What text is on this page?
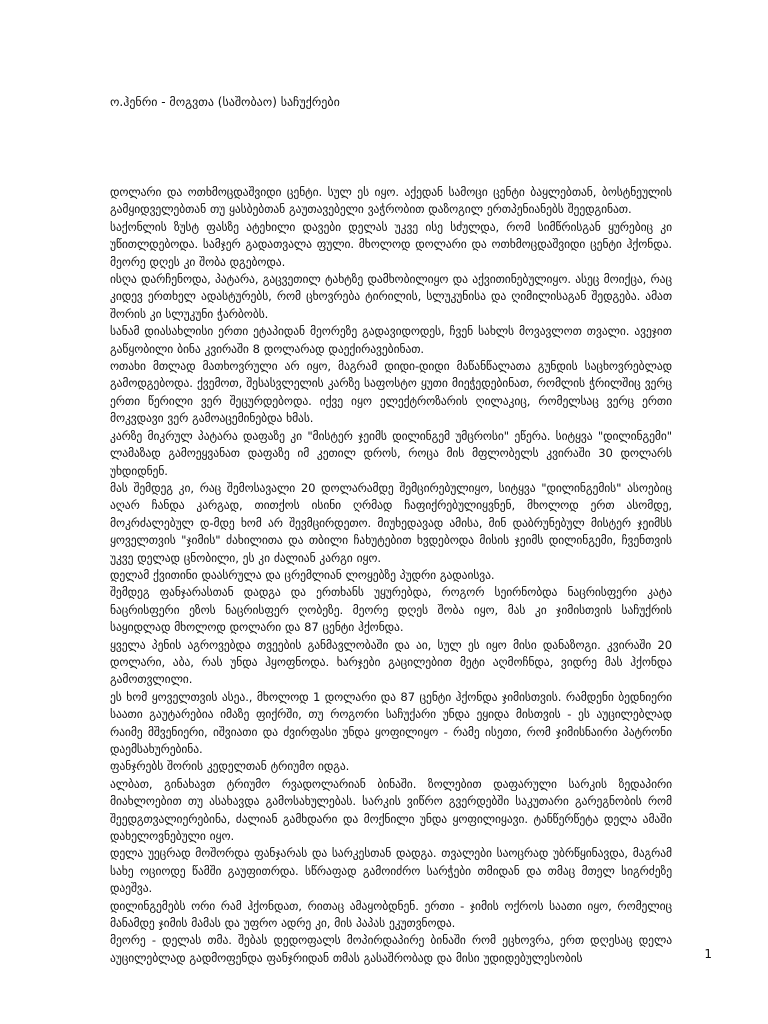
ო.ჰენრი - მოგვთა (საშობაო) საჩუქრები

დოლარი და ოთხმოცდაშვიდი ცენტი. სულ ეს იყო. აქედან სამოცი ცენტი ბაყლებთან, ბოსტნეულის გამყიდველებთან თუ ყასბებთან გაუთავებელი ვაჭრობით დაზოგილ ერთპენიანებს შეედგინათ.

საქონლის ზუსტ ფასზე ატეხილი დავები დელას უკვე ისე სძულდა, რომ სიმწრისგან ყურებიც კი უწითლდებოდა. სამჯერ გადათვალა ფული. მხოლოდ დოლარი და ოთხმოცდაშვიდი ცენტი ჰქონდა. მეორე დღეს კი შობა დგებოდა.

ისღა დარჩენოდა, პატარა, გაცვეთილ ტახტზე დამხობილიყო და აქვითინებულიყო. ასეც მოიქცა, რაც კიდევ ერთხელ ადასტურებს, რომ ცხოვრება ტირილის, სლუკუნისა და ღიმილისაგან შედგება. ამათ შორის კი სლუკუნი ჭარბობს.

სანამ დიასახლისი ერთი ეტაპიდან მეორეზე გადავიდოდეს, ჩვენ სახლს მოვავლოთ თვალი. ავეჯით გაწყობილი ბინა კვირაში 8 დოლარად დაექირავებინათ.

ოთახი მთლად მათხოვრული არ იყო, მაგრამ დიდი-დიდი მაწანწალათა გუნდის საცხოვრებლად გამოდგებოდა. ქვემოთ, შესასვლელის კარზე საფოსტო ყუთი მიეჭედებინათ, რომლის ჭრილშიც ვერც ერთი წერილი ვერ შეცურდებოდა. იქვე იყო ელექტროზარის ღილაკიც, რომელსაც ვერც ერთი მოკვდავი ვერ გამოაცემინებდა ხმას.

კარზე მიკრულ პატარა დაფაზე კი "მისტერ ჯეიმს დილინგემ უმცროსი" ეწერა. სიტყვა "დილინგემი" ლამაზად გამოეყვანათ დაფაზე იმ კეთილ დროს, როცა მის მფლობელს კვირაში 30 დოლარს უხდიდნენ.

მას შემდეგ კი, რაც შემოსავალი 20 დოლარამდე შემცირებულიყო, სიტყვა "დილინგემის" ასოებიც აღარ ჩანდა კარგად, თითქოს ისინი ღრმად ჩაფიქრებულიყვნენ, მხოლოდ ერთ ასომდე, მოკრძალებულ დ-მდე ხომ არ შევმცირდეთო. მიუხედავად ამისა, მინ დაბრუნებულ მისტერ ჯეიმსს ყოველთვის "ჯიმის" ძახილითა და თბილი ჩახუტებით ხვდებოდა მისის ჯეიმს დილინგემი, ჩვენთვის უკვე დელად ცნობილი, ეს კი ძალიან კარგი იყო.

დელამ ქვითინი დაასრულა და ცრემლიან ლოყებზე პუდრი გადაისვა.

შემდეგ ფანჯარასთან დადგა და ერთხანს უყურებდა, როგორ სეირნობდა ნაცრისფერი კატა ნაცრისფერი ეზოს ნაცრისფერ ღობეზე. მეორე დღეს შობა იყო, მას კი ჯიმისთვის საჩუქრის საყიდლად მხოლოდ დოლარი და 87 ცენტი ჰქონდა.

ყველა პენის აგროვებდა თვეების განმავლობაში და აი, სულ ეს იყო მისი დანაზოგი. კვირაში 20 დოლარი, აბა, რას უნდა ჰყოფნოდა. ხარჯები გაცილებით მეტი აღმოჩნდა, ვიდრე მას ჰქონდა გამოთვლილი.

ეს ხომ ყოველთვის ასეა., მხოლოდ 1 დოლარი და 87 ცენტი ჰქონდა ჯიმისთვის. რამდენი ბედნიერი საათი გაუტარებია იმაზე ფიქრში, თუ როგორი საჩუქარი უნდა ეყიდა მისთვის - ეს აუცილებლად რაიმე მშვენიერი, იშვიათი და ძვირფასი უნდა ყოფილიყო - რამე ისეთი, რომ ჯიმისნაირი პატრონი დაემსახურებინა.

ფანჯრებს შორის კედელთან ტრიუმო იდგა.

ალბათ, გინახავთ ტრიუმო რვადოლარიან ბინაში. ზოლებით დაფარული სარკის ზედაპირი მიახლოებით თუ ასახავდა გამოსახულებას. სარკის ვიწრო გვერდებში საკუთარი გარეგნობის რომ შეედგთვალიერებინა, ძალიან გამხდარი და მოქნილი უნდა ყოფილიყავი. ტანწერწეტა დელა ამაში დახელოვნებული იყო.

დელა უეცრად მოშორდა ფანჯარას და სარკესთან დადგა. თვალები საოცრად უბრწყინავდა, მაგრამ სახე ოციოდე წამში გაუფითრდა. სწრაფად გამოიძრო სარჭები თმიდან და თმაც მთელ სიგრძეზე დაეშვა.

დილინგემებს ორი რამ ჰქონდათ, რითაც ამაყობდნენ. ერთი - ჯიმის ოქროს საათი იყო, რომელიც მანამდე ჯიმის მამას და უფრო ადრე კი, მის პაპას ეკუთვნოდა.

მეორე - დელას თმა. შებას დედოფალს მოპირდაპირე ბინაში რომ ეცხოვრა, ერთ დღესაც დელა აუცილებლად გადმოფენდა ფანჯრიდან თმას გასაშრობად და მისი უდიდებულესობის	1
